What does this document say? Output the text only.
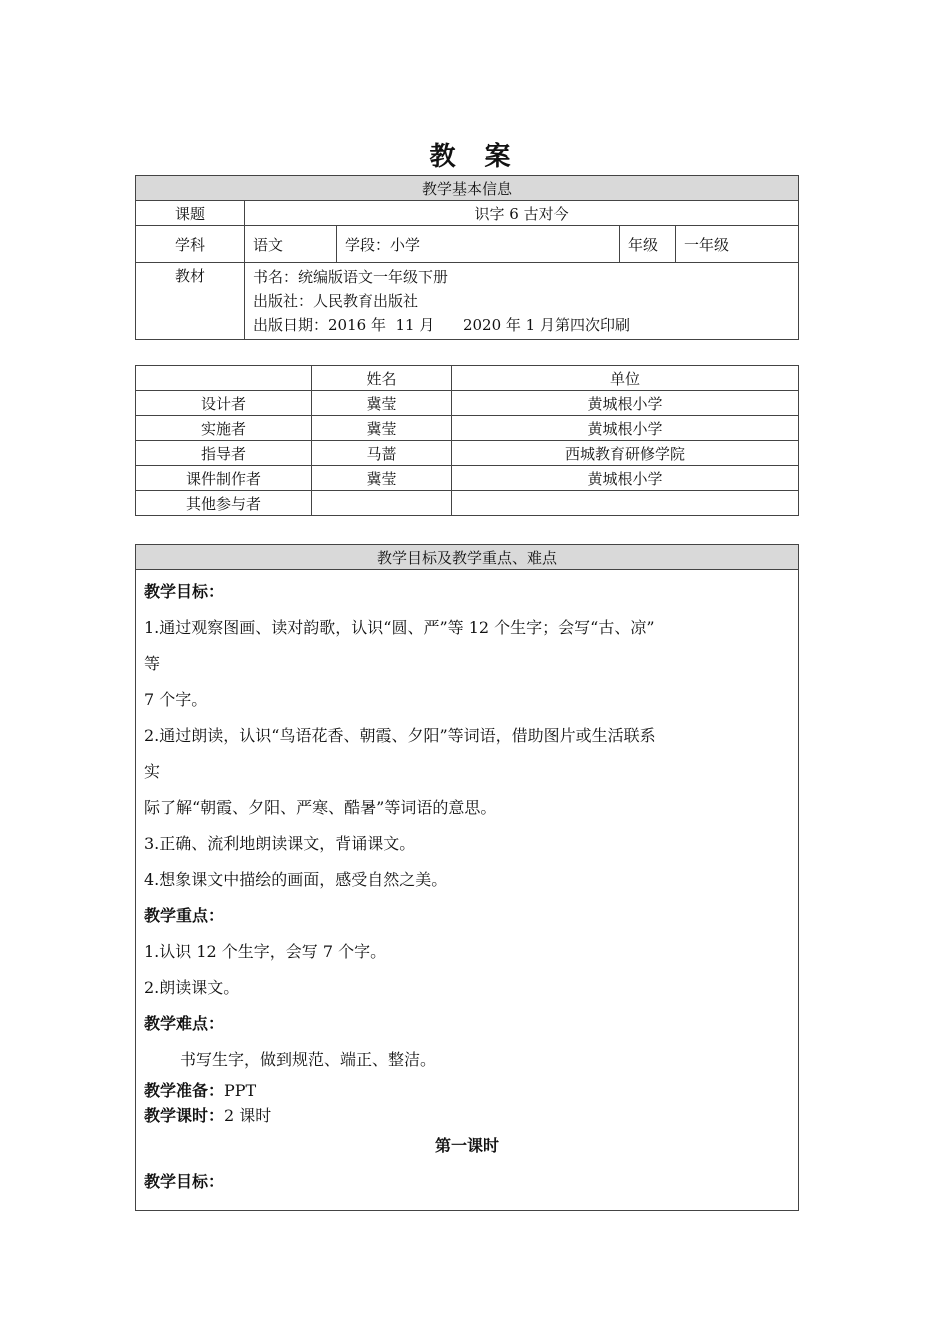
教 案
教学基本信息				
课题	识字 6 古对今			
学科	语文	学段：小学	年级	一年级
教材	书名：统编版语文一年级下册
出版社：人民教育出版社
出版日期：2016 年  11 月      2020 年 1 月第四次印刷			
	姓名	单位
设计者	冀莹	黄城根小学
实施者	冀莹	黄城根小学
指导者	马蔷	西城教育研修学院
课件制作者	冀莹	黄城根小学
其他参与者		
教学目标及教学重点、难点

教学目标：

1.通过观察图画、读对韵歌，认识“圆、严”等 12 个生字；会写“古、凉”

等

7 个字。

2.通过朗读，认识“鸟语花香、朝霞、夕阳”等词语，借助图片或生活联系

实

际了解“朝霞、夕阳、严寒、酷暑”等词语的意思。

3.正确、流利地朗读课文，背诵课文。

4.想象课文中描绘的画面，感受自然之美。

教学重点：

1.认识 12 个生字，会写 7 个字。

2.朗读课文。

教学难点：

书写生字，做到规范、端正、整洁。

教学准备：PPT

教学课时：2 课时

第一课时

教学目标：
